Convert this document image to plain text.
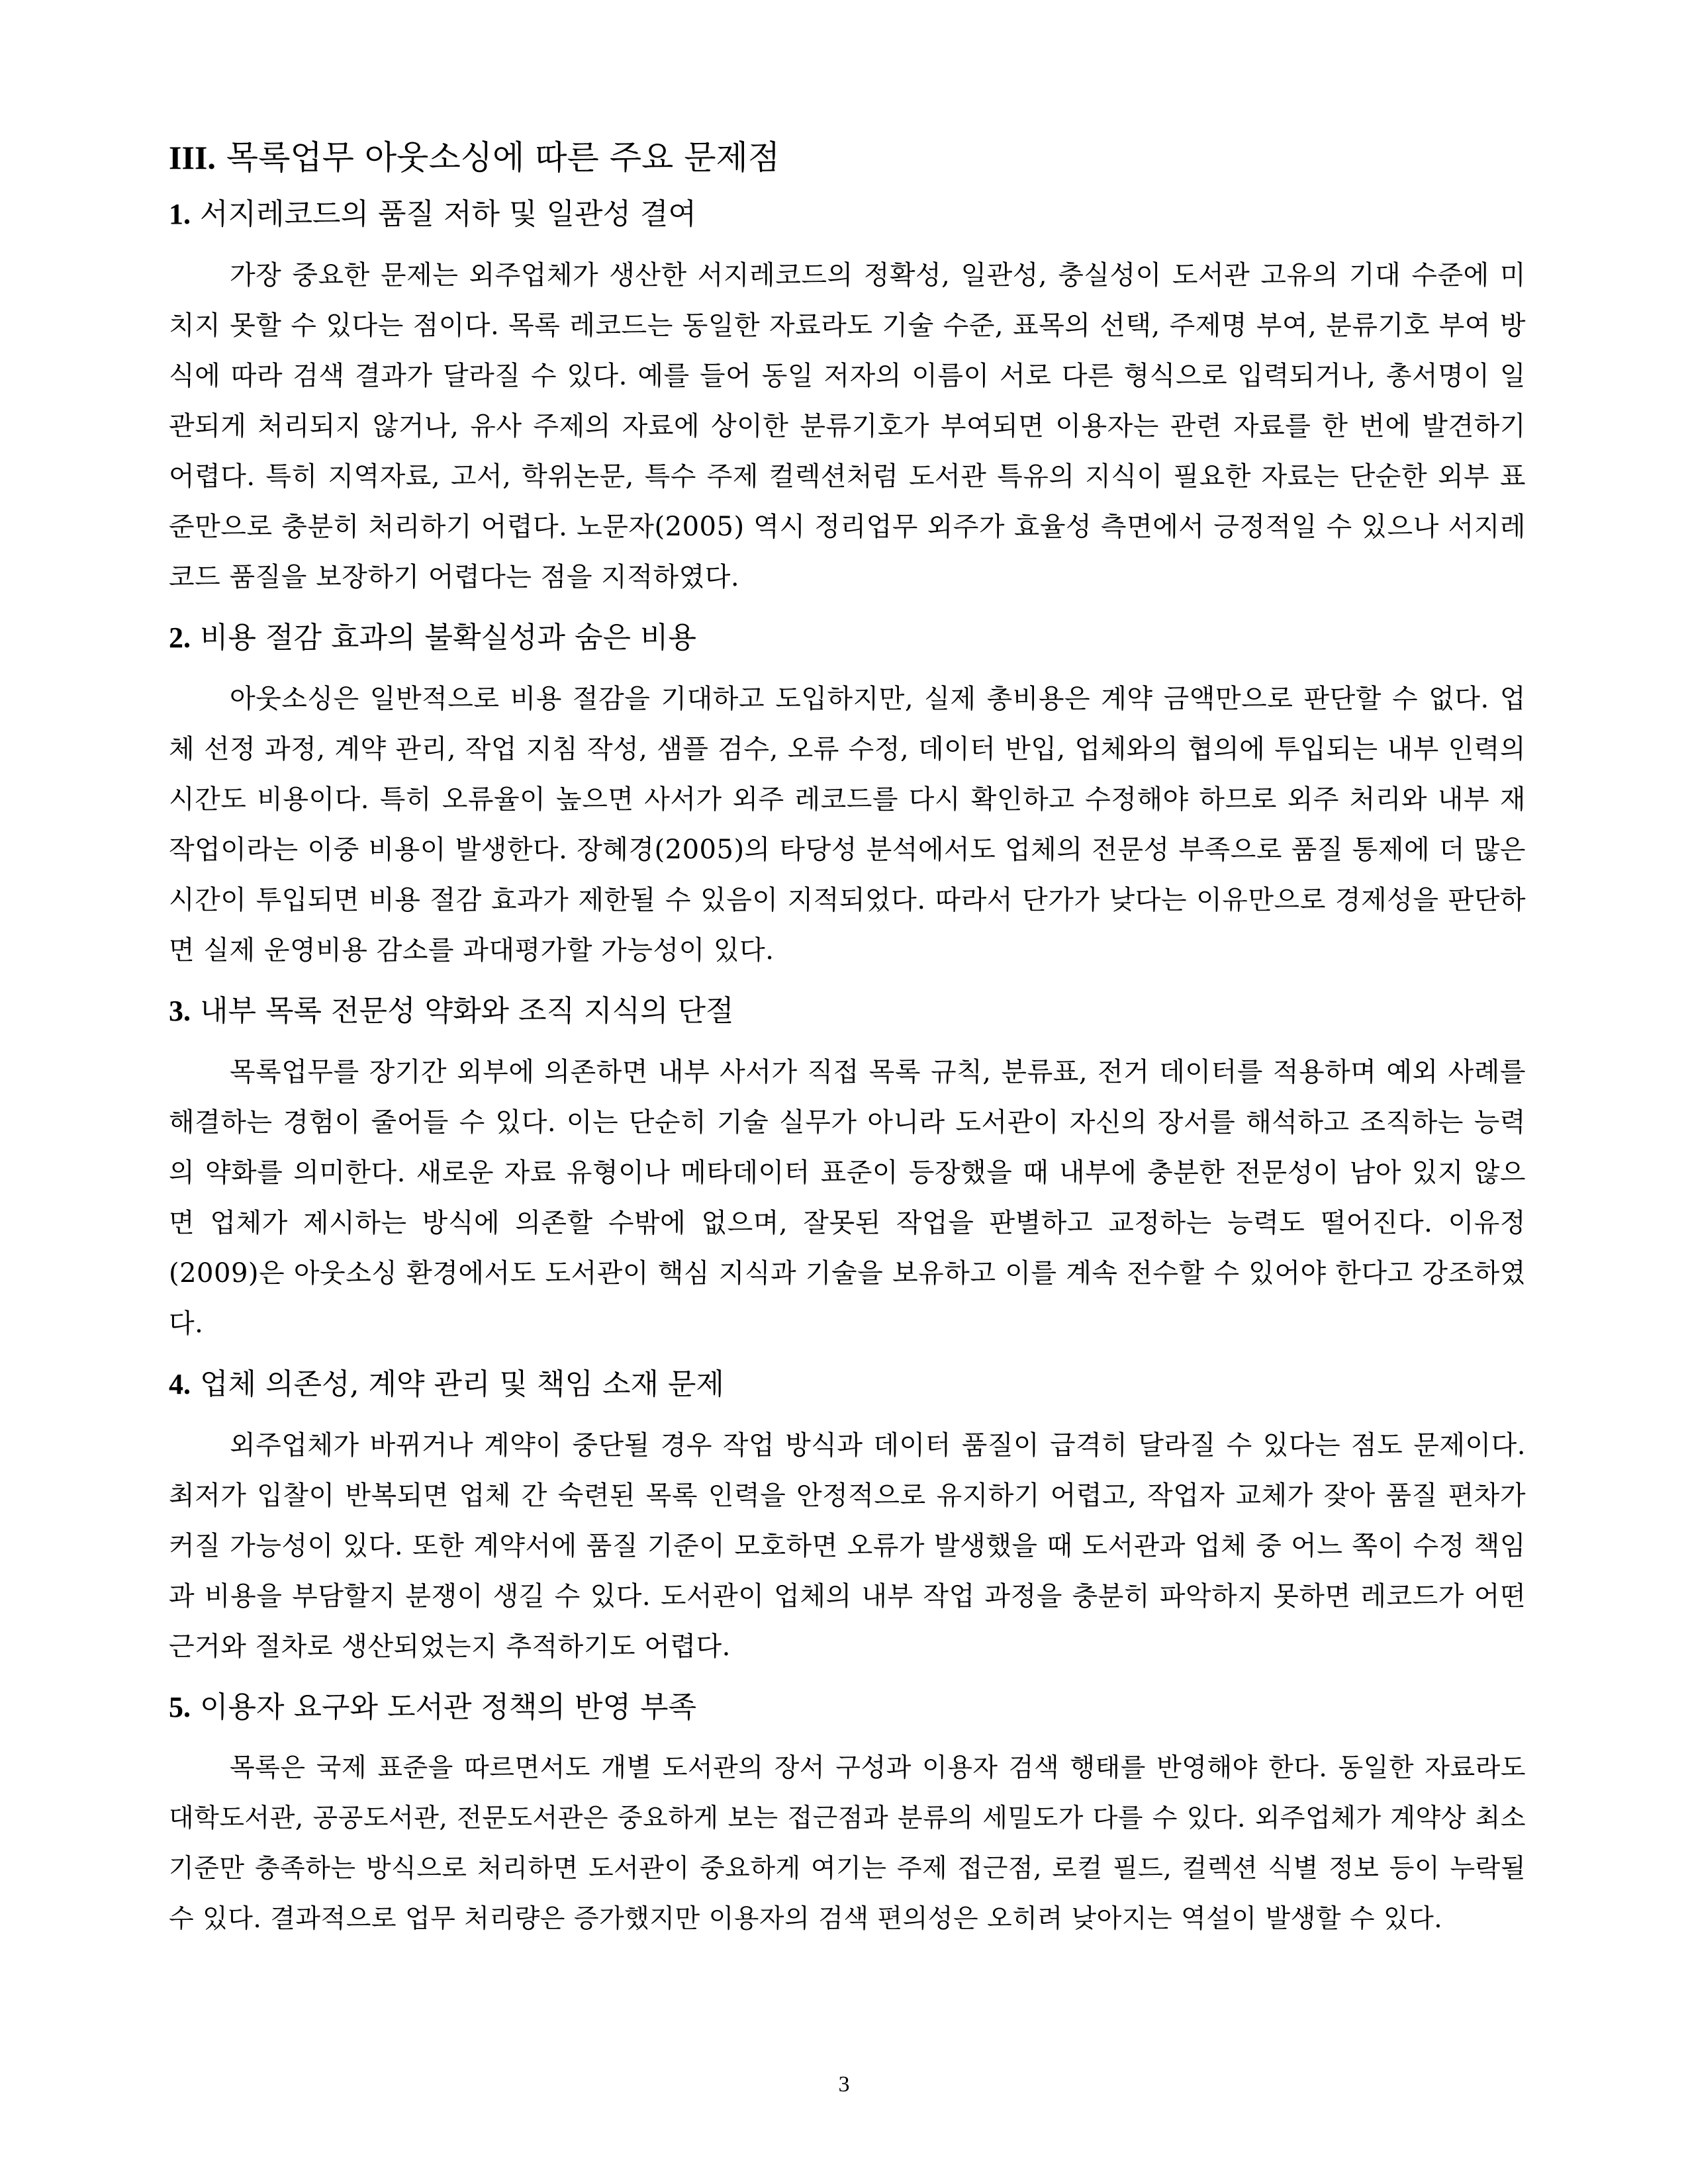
III. 목록업무 아웃소싱에 따른 주요 문제점
1. 서지레코드의 품질 저하 및 일관성 결여

가장 중요한 문제는 외주업체가 생산한 서지레코드의 정확성, 일관성, 충실성이 도서관 고유의 기대 수준에 미치지 못할 수 있다는 점이다. 목록 레코드는 동일한 자료라도 기술 수준, 표목의 선택, 주제명 부여, 분류기호 부여 방식에 따라 검색 결과가 달라질 수 있다. 예를 들어 동일 저자의 이름이 서로 다른 형식으로 입력되거나, 총서명이 일관되게 처리되지 않거나, 유사 주제의 자료에 상이한 분류기호가 부여되면 이용자는 관련 자료를 한 번에 발견하기 어렵다. 특히 지역자료, 고서, 학위논문, 특수 주제 컬렉션처럼 도서관 특유의 지식이 필요한 자료는 단순한 외부 표준만으로 충분히 처리하기 어렵다. 노문자(2005) 역시 정리업무 외주가 효율성 측면에서 긍정적일 수 있으나 서지레코드 품질을 보장하기 어렵다는 점을 지적하였다.

2. 비용 절감 효과의 불확실성과 숨은 비용

아웃소싱은 일반적으로 비용 절감을 기대하고 도입하지만, 실제 총비용은 계약 금액만으로 판단할 수 없다. 업체 선정 과정, 계약 관리, 작업 지침 작성, 샘플 검수, 오류 수정, 데이터 반입, 업체와의 협의에 투입되는 내부 인력의 시간도 비용이다. 특히 오류율이 높으면 사서가 외주 레코드를 다시 확인하고 수정해야 하므로 외주 처리와 내부 재작업이라는 이중 비용이 발생한다. 장혜경(2005)의 타당성 분석에서도 업체의 전문성 부족으로 품질 통제에 더 많은 시간이 투입되면 비용 절감 효과가 제한될 수 있음이 지적되었다. 따라서 단가가 낮다는 이유만으로 경제성을 판단하면 실제 운영비용 감소를 과대평가할 가능성이 있다.

3. 내부 목록 전문성 약화와 조직 지식의 단절

목록업무를 장기간 외부에 의존하면 내부 사서가 직접 목록 규칙, 분류표, 전거 데이터를 적용하며 예외 사례를 해결하는 경험이 줄어들 수 있다. 이는 단순히 기술 실무가 아니라 도서관이 자신의 장서를 해석하고 조직하는 능력의 약화를 의미한다. 새로운 자료 유형이나 메타데이터 표준이 등장했을 때 내부에 충분한 전문성이 남아 있지 않으면 업체가 제시하는 방식에 의존할 수밖에 없으며, 잘못된 작업을 판별하고 교정하는 능력도 떨어진다. 이유정(2009)은 아웃소싱 환경에서도 도서관이 핵심 지식과 기술을 보유하고 이를 계속 전수할 수 있어야 한다고 강조하였다.

4. 업체 의존성, 계약 관리 및 책임 소재 문제

외주업체가 바뀌거나 계약이 중단될 경우 작업 방식과 데이터 품질이 급격히 달라질 수 있다는 점도 문제이다. 최저가 입찰이 반복되면 업체 간 숙련된 목록 인력을 안정적으로 유지하기 어렵고, 작업자 교체가 잦아 품질 편차가 커질 가능성이 있다. 또한 계약서에 품질 기준이 모호하면 오류가 발생했을 때 도서관과 업체 중 어느 쪽이 수정 책임과 비용을 부담할지 분쟁이 생길 수 있다. 도서관이 업체의 내부 작업 과정을 충분히 파악하지 못하면 레코드가 어떤 근거와 절차로 생산되었는지 추적하기도 어렵다.

5. 이용자 요구와 도서관 정책의 반영 부족

목록은 국제 표준을 따르면서도 개별 도서관의 장서 구성과 이용자 검색 행태를 반영해야 한다. 동일한 자료라도 대학도서관, 공공도서관, 전문도서관은 중요하게 보는 접근점과 분류의 세밀도가 다를 수 있다. 외주업체가 계약상 최소 기준만 충족하는 방식으로 처리하면 도서관이 중요하게 여기는 주제 접근점, 로컬 필드, 컬렉션 식별 정보 등이 누락될 수 있다. 결과적으로 업무 처리량은 증가했지만 이용자의 검색 편의성은 오히려 낮아지는 역설이 발생할 수 있다.

3
